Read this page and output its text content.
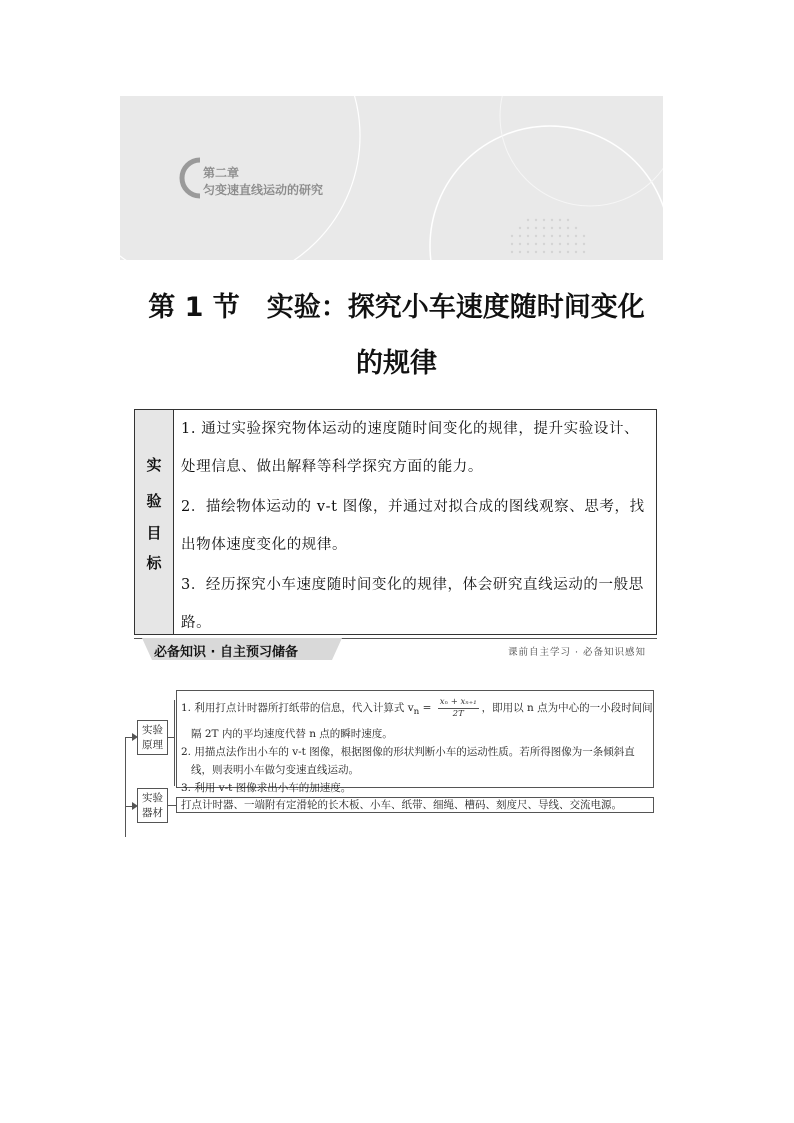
第二章
匀变速直线运动的研究
第 1 节　实验：探究小车速度随时间变化
的规律
实
验
目
标

1. 通过实验探究物体运动的速度随时间变化的规律，提升实验设计、处理信息、做出解释等科学探究方面的能力。

2．描绘物体运动的 v-t 图像，并通过对拟合成的图线观察、思考，找出物体速度变化的规律。

3．经历探究小车速度随时间变化的规律，体会研究直线运动的一般思路。

必备知识 · 自主预习储备	课前自主学习 · 必备知识感知
实验
原理

1. 利用打点计时器所打纸带的信息，代入计算式 $v_n = \frac{\text{xₙ + xₙ₊₁}}{2T}$ ，即用以 n 点为中心的一小段时间间

隔 2T 内的平均速度代替 n 点的瞬时速度。

2. 用描点法作出小车的 v-t 图像，根据图像的形状判断小车的运动性质。若所得图像为一条倾斜直

线，则表明小车做匀变速直线运动。

3. 利用 v-t 图像求出小车的加速度。

实验
器材
打点计时器、一端附有定滑轮的长木板、小车、纸带、细绳、槽码、刻度尺、导线、交流电源。
